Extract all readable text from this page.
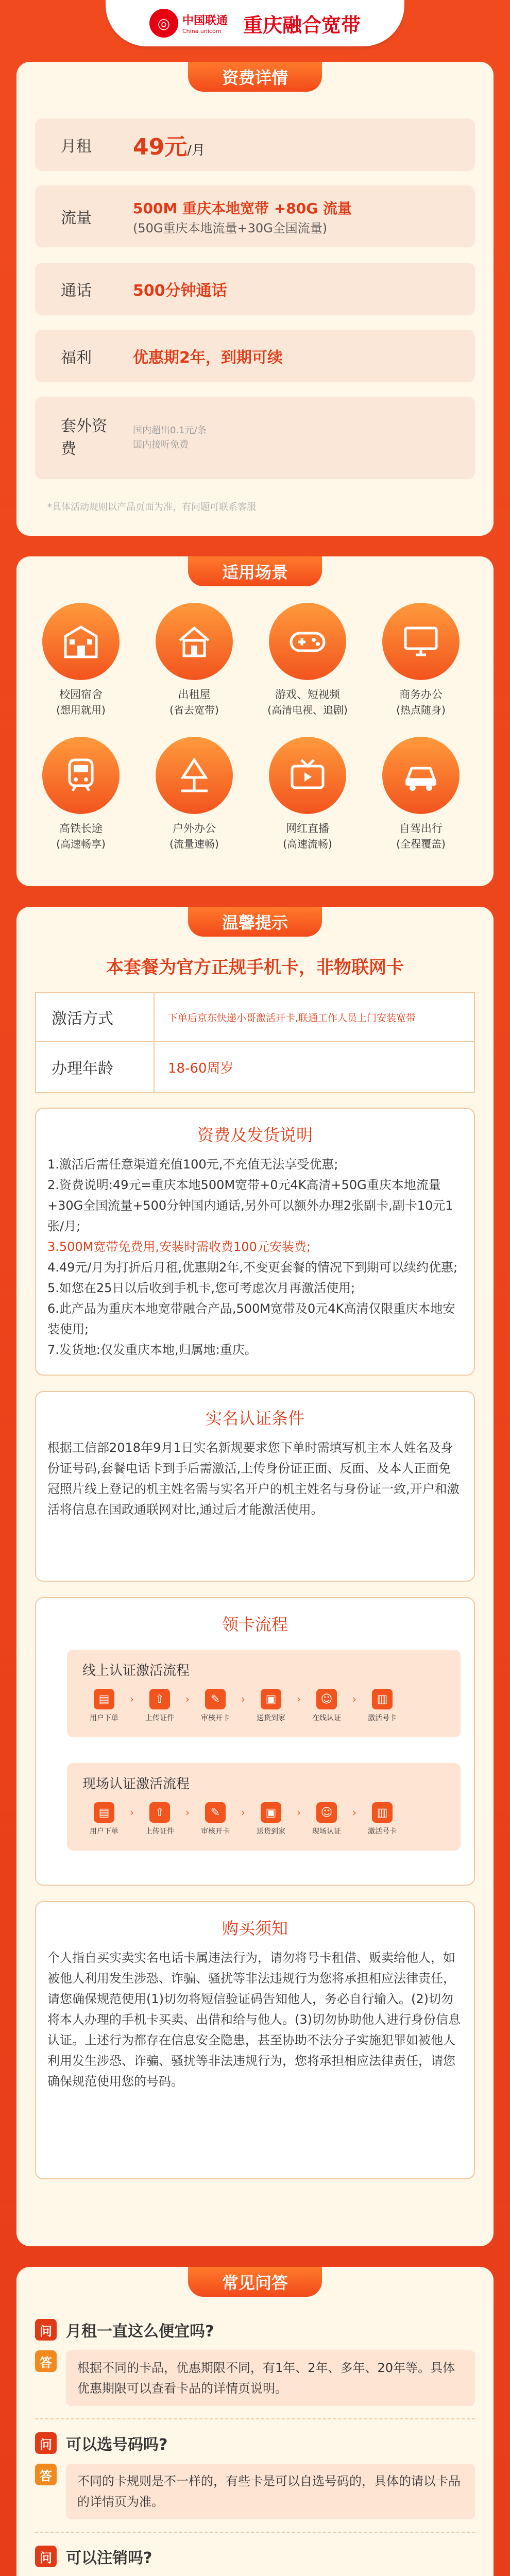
◎	中国联通
China unicom	重庆融合宽带
资费详情
月租	49元/月
流量
500M 重庆本地宽带 +80G 流量
(50G重庆本地流量+30G全国流量)
通话	500分钟通话
福利	优惠期2年，到期可续
套外资费
国内超出0.1元/条
国内接听免费
*具体活动规则以产品页面为准，有问题可联系客服
适用场景
校园宿舍
(想用就用)
出租屋
(省去宽带)
游戏、短视频
(高清电视、追剧)
商务办公
(热点随身)
高铁长途
(高速畅享)
户外办公
(流量速畅)
网红直播
(高速流畅)
自驾出行
(全程覆盖)
温馨提示
本套餐为官方正规手机卡，非物联网卡
激活方式	下单后京东快递小哥激活开卡,联通工作人员上门安装宽带
办理年龄	18-60周岁
资费及发货说明
1.激活后需任意渠道充值100元,不充值无法享受优惠;
2.资费说明:49元=重庆本地500M宽带+0元4K高清+50G重庆本地流量+30G全国流量+500分钟国内通话,另外可以额外办理2张副卡,副卡10元1张/月;
3.500M宽带免费用,安装时需收费100元安装费;
4.49元/月为打折后月租,优惠期2年,不变更套餐的情况下到期可以续约优惠;
5.如您在25日以后收到手机卡,您可考虑次月再激活使用;
6.此产品为重庆本地宽带融合产品,500M宽带及0元4K高清仅限重庆本地安装使用;
7.发货地:仅发重庆本地,归属地:重庆。
实名认证条件
根据工信部2018年9月1日实名新规要求您下单时需填写机主本人姓名及身份证号码,套餐电话卡到手后需激活,上传身份证正面、反面、及本人正面免冠照片线上登记的机主姓名需与实名开户的机主姓名与身份证一致,开户和激活将信息在国政通联网对比,通过后才能激活使用。
领卡流程
线上认证激活流程
▤
用户下单
›	⇧
上传证件
›	✎
审核开卡
›	▣
送货到家
›	☺
在线认证
›	▥
激活号卡
现场认证激活流程
▤
用户下单
›	⇧
上传证件
›	✎
审核开卡
›	▣
送货到家
›	☺
现场认证
›	▥
激活号卡
购买须知
个人指自买实卖实名电话卡属违法行为，请勿将号卡租借、贩卖给他人，如被他人利用发生涉恐、诈骗、骚扰等非法违规行为您将承担相应法律责任，请您确保规范使用(1)切勿将短信验证码告知他人，务必自行输入。(2)切勿将本人办理的手机卡买卖、出借和给与他人。(3)切勿协助他人进行身份信息认证。上述行为都存在信息安全隐患，甚至协助不法分子实施犯罪如被他人利用发生涉恐、诈骗、骚扰等非法违规行为，您将承担相应法律责任，请您确保规范使用您的号码。
常见问答
问 月租一直这么便宜吗?
答	根据不同的卡品，优惠期限不同，有1年、2年、多年、20年等。具体优惠期限可以查看卡品的详情页说明。
问 可以选号码吗?
答	不同的卡规则是不一样的，有些卡是可以自选号码的，具体的请以卡品的详情页为准。
问 可以注销吗?
